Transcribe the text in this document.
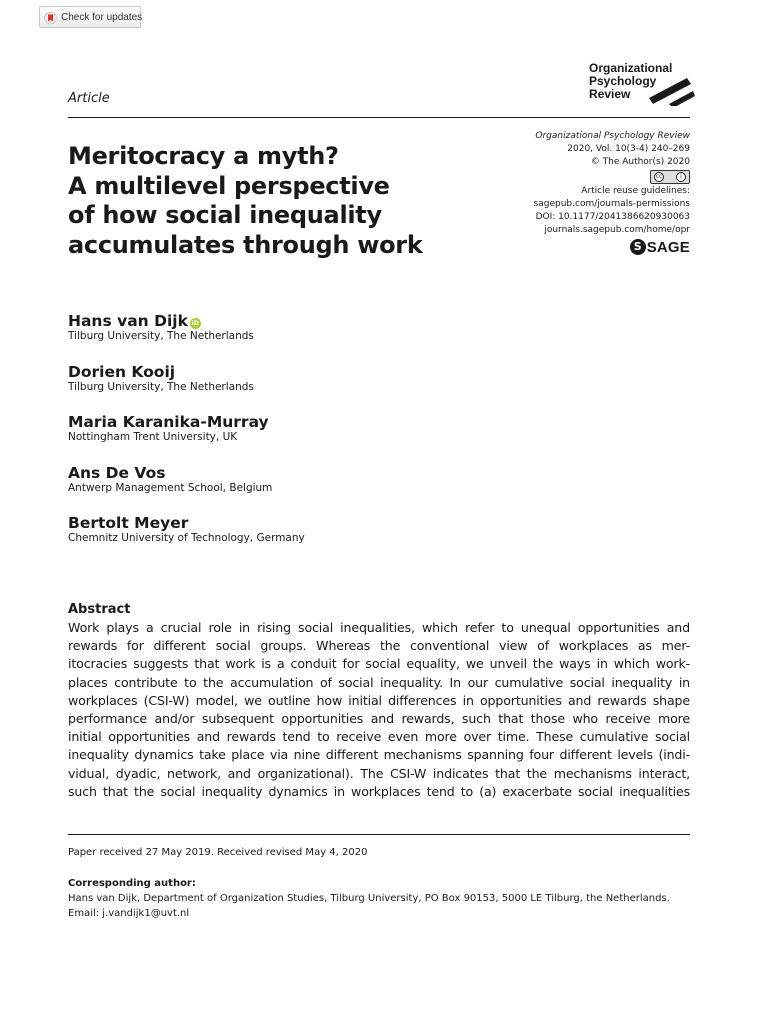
Check for updates
Organizational
Psychology
Review
Article
Meritocracy a myth?
A multilevel perspective
of how social inequality
accumulates through work
Organizational Psychology Review
2020, Vol. 10(3-4) 240–269
© The Author(s) 2020
cc	i
Article reuse guidelines:
sagepub.com/journals-permissions
DOI: 10.1177/2041386620930063
journals.sagepub.com/home/opr
S SAGE
Hans van Dijk iD
Tilburg University, The Netherlands
Dorien Kooij
Tilburg University, The Netherlands
Maria Karanika-Murray
Nottingham Trent University, UK
Ans De Vos
Antwerp Management School, Belgium
Bertolt Meyer
Chemnitz University of Technology, Germany
Abstract
Work plays a crucial role in rising social inequalities, which refer to unequal opportunities and
rewards for different social groups. Whereas the conventional view of workplaces as mer-
itocracies suggests that work is a conduit for social equality, we unveil the ways in which work-
places contribute to the accumulation of social inequality. In our cumulative social inequality in
workplaces (CSI-W) model, we outline how initial differences in opportunities and rewards shape
performance and/or subsequent opportunities and rewards, such that those who receive more
initial opportunities and rewards tend to receive even more over time. These cumulative social
inequality dynamics take place via nine different mechanisms spanning four different levels (indi-
vidual, dyadic, network, and organizational). The CSI-W indicates that the mechanisms interact,
such that the social inequality dynamics in workplaces tend to (a) exacerbate social inequalities
Paper received 27 May 2019. Received revised May 4, 2020
Corresponding author:
Hans van Dijk, Department of Organization Studies, Tilburg University, PO Box 90153, 5000 LE Tilburg, the Netherlands.
Email: j.vandijk1@uvt.nl
